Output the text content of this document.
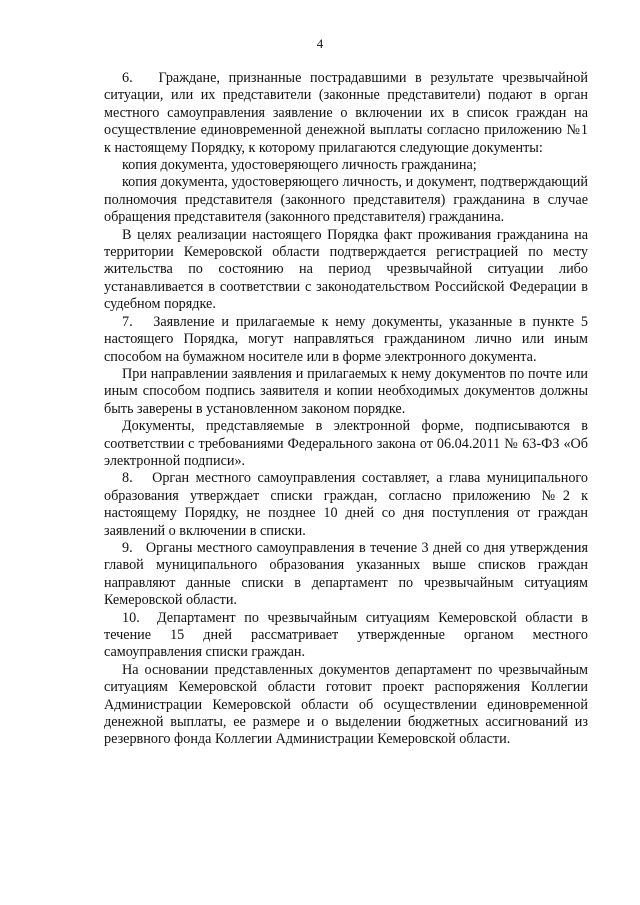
4

6.   Граждане, признанные пострадавшими в результате чрезвычайной ситуации, или их представители (законные представители) подают в орган местного самоуправления заявление о включении их в список граждан на осуществление единовременной денежной выплаты согласно приложению №1 к настоящему Порядку, к которому прилагаются следующие документы:

копия документа, удостоверяющего личность гражданина;

копия документа, удостоверяющего личность, и документ, подтверждающий полномочия представителя (законного представителя) гражданина в случае обращения представителя (законного представителя) гражданина.

В целях реализации настоящего Порядка факт проживания гражданина на территории Кемеровской области подтверждается регистрацией по месту жительства по состоянию на период чрезвычайной ситуации либо устанавливается в соответствии с законодательством Российской Федерации в судебном порядке.

7.   Заявление и прилагаемые к нему документы, указанные в пункте 5 настоящего Порядка, могут направляться гражданином лично или иным способом на бумажном носителе или в форме электронного документа.

При направлении заявления и прилагаемых к нему документов по почте или иным способом подпись заявителя и копии необходимых документов должны быть заверены в установленном законом порядке.

Документы, представляемые в электронной форме, подписываются в соответствии с требованиями Федерального закона от 06.04.2011 № 63-ФЗ «Об электронной подписи».

8.   Орган местного самоуправления составляет, а глава муниципального образования утверждает списки граждан, согласно приложению №2 к настоящему Порядку, не позднее 10 дней со дня поступления от граждан заявлений о включении в списки.

9.   Органы местного самоуправления в течение 3 дней со дня утверждения главой муниципального образования указанных выше списков граждан направляют данные списки в департамент по чрезвычайным ситуациям Кемеровской области.

10.  Департамент по чрезвычайным ситуациям Кемеровской области в течение 15 дней рассматривает утвержденные органом местного самоуправления списки граждан.

На основании представленных документов департамент по чрезвычайным ситуациям Кемеровской области готовит проект распоряжения Коллегии Администрации Кемеровской области об осуществлении единовременной денежной выплаты, ее размере и о выделении бюджетных ассигнований из резервного фонда Коллегии Администрации Кемеровской области.
